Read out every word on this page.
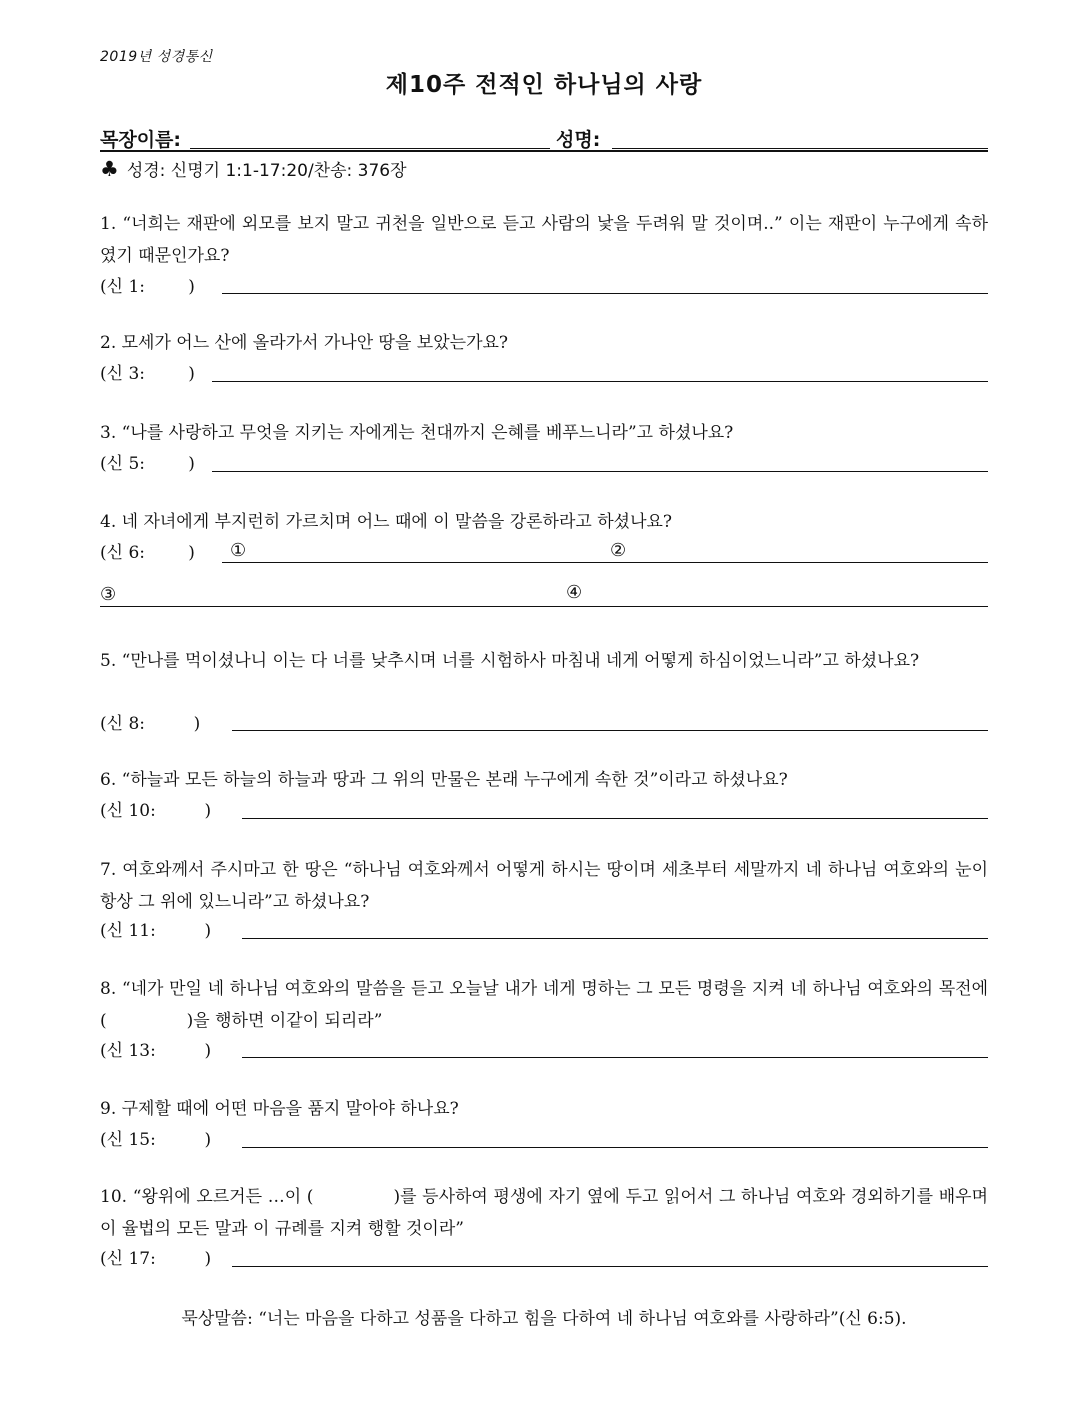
2019년 성경통신
제10주 전적인 하나님의 사랑
목장이름:	성명:
♣ 성경: 신명기 1:1-17:20/찬송: 376장
1. “너희는 재판에 외모를 보지 말고 귀천을 일반으로 듣고 사람의 낯을 두려워 말 것이며..” 이는 재판이 누구에게 속하였기 때문인가요?
(신 1:        )
2. 모세가 어느 산에 올라가서 가나안 땅을 보았는가요?
(신 3:        )
3. “나를 사랑하고 무엇을 지키는 자에게는 천대까지 은혜를 베푸느니라”고 하셨나요?
(신 5:        )
4. 네 자녀에게 부지런히 가르치며 어느 때에 이 말씀을 강론하라고 하셨나요?
(신 6:        ) ①	②
③	④
5. “만나를 먹이셨나니 이는 다 너를 낮추시며 너를 시험하사 마침내 네게 어떻게 하심이었느니라”고 하셨나요?
(신 8:         )
6. “하늘과 모든 하늘의 하늘과 땅과 그 위의 만물은 본래 누구에게 속한 것”이라고 하셨나요?
(신 10:         )
7. 여호와께서 주시마고 한 땅은 “하나님 여호와께서 어떻게 하시는 땅이며 세초부터 세말까지 네 하나님 여호와의 눈이 항상 그 위에 있느니라”고 하셨나요?
(신 11:         )
8. “네가 만일 네 하나님 여호와의 말씀을 듣고 오늘날 내가 네게 명하는 그 모든 명령을 지켜 네 하나님 여호와의 목전에 (	)을 행하면 이같이 되리라”
(신 13:         )
9. 구제할 때에 어떤 마음을 품지 말아야 하나요?
(신 15:         )
10. “왕위에 오르거든 …이 (	)를 등사하여 평생에 자기 옆에 두고 읽어서 그 하나님 여호와 경외하기를 배우며 이 율법의 모든 말과 이 규례를 지켜 행할 것이라”
(신 17:         )
묵상말씀: “너는 마음을 다하고 성품을 다하고 힘을 다하여 네 하나님 여호와를 사랑하라”(신 6:5).
